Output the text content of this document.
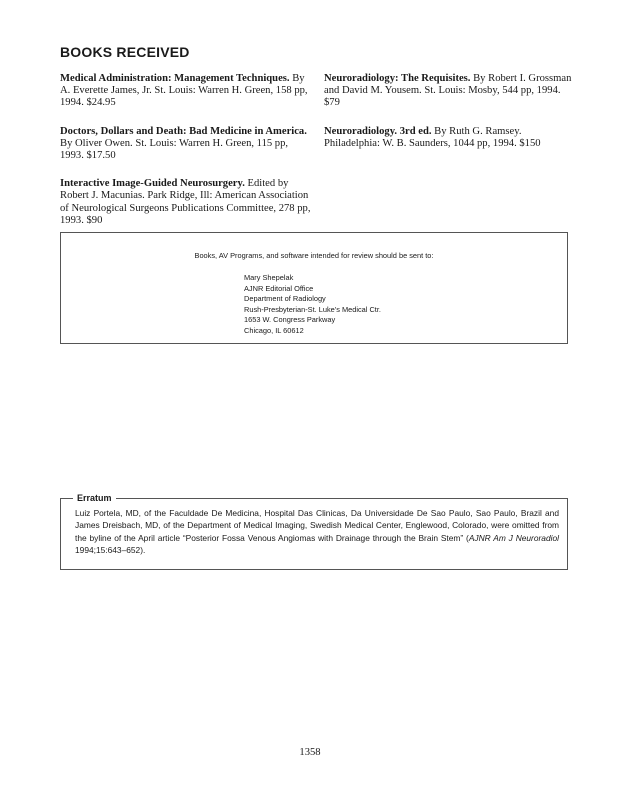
BOOKS RECEIVED

Medical Administration: Management Techniques. By A. Everette James, Jr. St. Louis: Warren H. Green, 158 pp, 1994. $24.95

Doctors, Dollars and Death: Bad Medicine in America. By Oliver Owen. St. Louis: Warren H. Green, 115 pp, 1993. $17.50

Interactive Image-Guided Neurosurgery. Edited by Robert J. Macunias. Park Ridge, Ill: American Association of Neurological Surgeons Publications Committee, 278 pp, 1993. $90

Neuroradiology: The Requisites. By Robert I. Grossman and David M. Yousem. St. Louis: Mosby, 544 pp, 1994. $79

Neuroradiology. 3rd ed. By Ruth G. Ramsey. Philadelphia: W. B. Saunders, 1044 pp, 1994. $150

Books, AV Programs, and software intended for review should be sent to:
Mary Shepelak
AJNR Editorial Office
Department of Radiology
Rush-Presbyterian-St. Luke's Medical Ctr.
1653 W. Congress Parkway
Chicago, IL 60612
Erratum
Luiz Portela, MD, of the Faculdade De Medicina, Hospital Das Clinicas, Da Universidade De Sao Paulo, Sao Paulo, Brazil and James Dreisbach, MD, of the Department of Medical Imaging, Swedish Medical Center, Englewood, Colorado, were omitted from the byline of the April article “Posterior Fossa Venous Angiomas with Drainage through the Brain Stem” (AJNR Am J Neuroradiol 1994;15:643–652).
1358
